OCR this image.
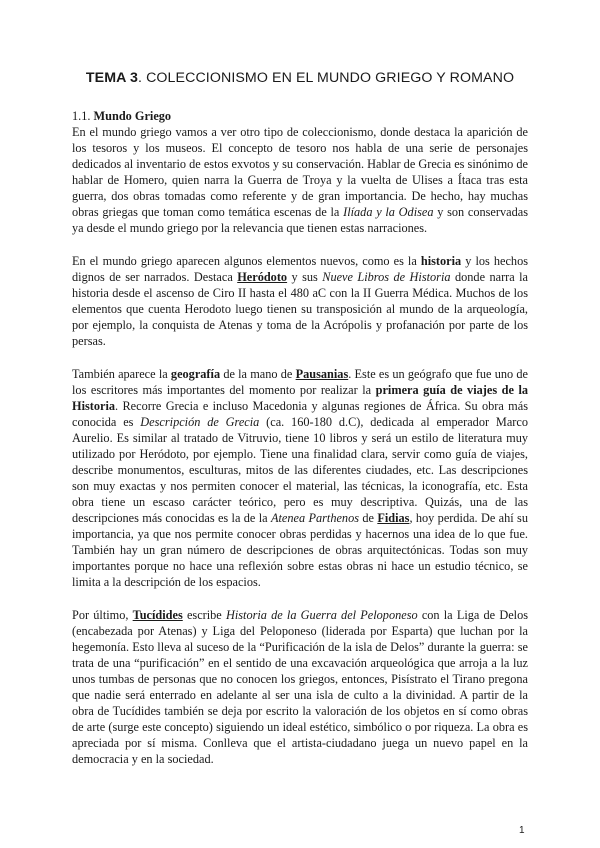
TEMA 3. COLECCIONISMO EN EL MUNDO GRIEGO Y ROMANO
1.1. Mundo Griego

En el mundo griego vamos a ver otro tipo de coleccionismo, donde destaca la aparición de los tesoros y los museos. El concepto de tesoro nos habla de una serie de personajes dedicados al inventario de estos exvotos y su conservación. Hablar de Grecia es sinónimo de hablar de Homero, quien narra la Guerra de Troya y la vuelta de Ulises a Ítaca tras esta guerra, dos obras tomadas como referente y de gran importancia. De hecho, hay muchas obras griegas que toman como temática escenas de la Ilíada y la Odisea y son conservadas ya desde el mundo griego por la relevancia que tienen estas narraciones.

En el mundo griego aparecen algunos elementos nuevos, como es la historia y los hechos dignos de ser narrados. Destaca Heródoto y sus Nueve Libros de Historia donde narra la historia desde el ascenso de Ciro II hasta el 480 aC con la II Guerra Médica. Muchos de los elementos que cuenta Herodoto luego tienen su transposición al mundo de la arqueología, por ejemplo, la conquista de Atenas y toma de la Acrópolis y profanación por parte de los persas.

También aparece la geografía de la mano de Pausanias. Este es un geógrafo que fue uno de los escritores más importantes del momento por realizar la primera guía de viajes de la Historia. Recorre Grecia e incluso Macedonia y algunas regiones de África. Su obra más conocida es Descripción de Grecia (ca. 160-180 d.C), dedicada al emperador Marco Aurelio. Es similar al tratado de Vitruvio, tiene 10 libros y será un estilo de literatura muy utilizado por Heródoto, por ejemplo. Tiene una finalidad clara, servir como guía de viajes, describe monumentos, esculturas, mitos de las diferentes ciudades, etc. Las descripciones son muy exactas y nos permiten conocer el material, las técnicas, la iconografía, etc. Esta obra tiene un escaso carácter teórico, pero es muy descriptiva. Quizás, una de las descripciones más conocidas es la de la Atenea Parthenos de Fidias, hoy perdida. De ahí su importancia, ya que nos permite conocer obras perdidas y hacernos una idea de lo que fue. También hay un gran número de descripciones de obras arquitectónicas. Todas son muy importantes porque no hace una reflexión sobre estas obras ni hace un estudio técnico, se limita a la descripción de los espacios.

Por último, Tucídides escribe Historia de la Guerra del Peloponeso con la Liga de Delos (encabezada por Atenas) y Liga del Peloponeso (liderada por Esparta) que luchan por la hegemonía. Esto lleva al suceso de la “Purificación de la isla de Delos” durante la guerra: se trata de una “purificación” en el sentido de una excavación arqueológica que arroja a la luz unos tumbas de personas que no conocen los griegos, entonces, Pisístrato el Tirano pregona que nadie será enterrado en adelante al ser una isla de culto a la divinidad. A partir de la obra de Tucídides también se deja por escrito la valoración de los objetos en sí como obras de arte (surge este concepto) siguiendo un ideal estético, simbólico o por riqueza. La obra es apreciada por sí misma. Conlleva que el artista-ciudadano juega un nuevo papel en la democracia y en la sociedad.

1
